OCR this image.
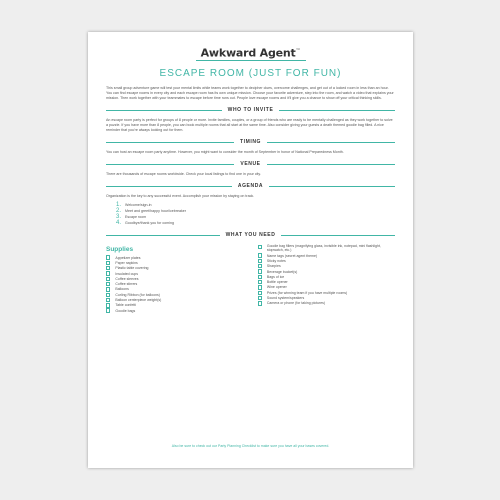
Awkward Agent™
ESCAPE ROOM (JUST FOR FUN)

This small group adventure game will test your mental limits while teams work together to decipher clues, overcome challenges, and get out of a locked room in less than an hour. You can find escape rooms in every city and each escape room has its own unique mission. Choose your favorite adventure, step into the room, and watch a video that explains your mission. Then work together with your teammates to escape before time runs out. People love escape rooms and it'll give you a chance to show off your critical thinking skills.

WHO TO INVITE

An escape room party is perfect for groups of 8 people or more. Invite families, couples, or a group of friends who are ready to be mentally challenged as they work together to solve a puzzle. If you have more than 8 people, you can book multiple rooms that all start at the same time. Also consider giving your guests a death themed goodie bag filled. A nice reminder that you're always looking out for them.

TIMING

You can host an escape room party anytime. However, you might want to consider the month of September in honor of National Preparedness Month.

VENUE

There are thousands of escape rooms worldwide. Check your local listings to find one in your city.

AGENDA

Organization is the key to any successful event. Accomplish your mission by staying on track.

1.	Welcome/sign-in
2.	Meet and greet/happy hour/icebreaker
3.	Escape room
4.	Goodbye/thank you for coming
WHAT YOU NEED
Supplies
Appetizer plates
Paper napkins
Plastic table covering
Insulated cups
Coffee sleeves
Coffee stirrers
Balloons
Curling Ribbon (for balloons)
Balloon centerpiece weight(s)
Table confetti
Goodie bags
Goodie bag fillers (magnifying glass, invisible ink, notepad, mini flashlight, stopwatch, etc.)
Name tags (secret agent theme)
Sticky notes
Sharpies
Beverage bucket(s)
Bags of ice
Bottle opener
Wine opener
Prizes (for winning team if you have multiple rooms)
Sound system/speakers
Camera or phone (for taking pictures)
Also be sure to check out our Party Planning Checklist to make sure you have all your bases covered.
